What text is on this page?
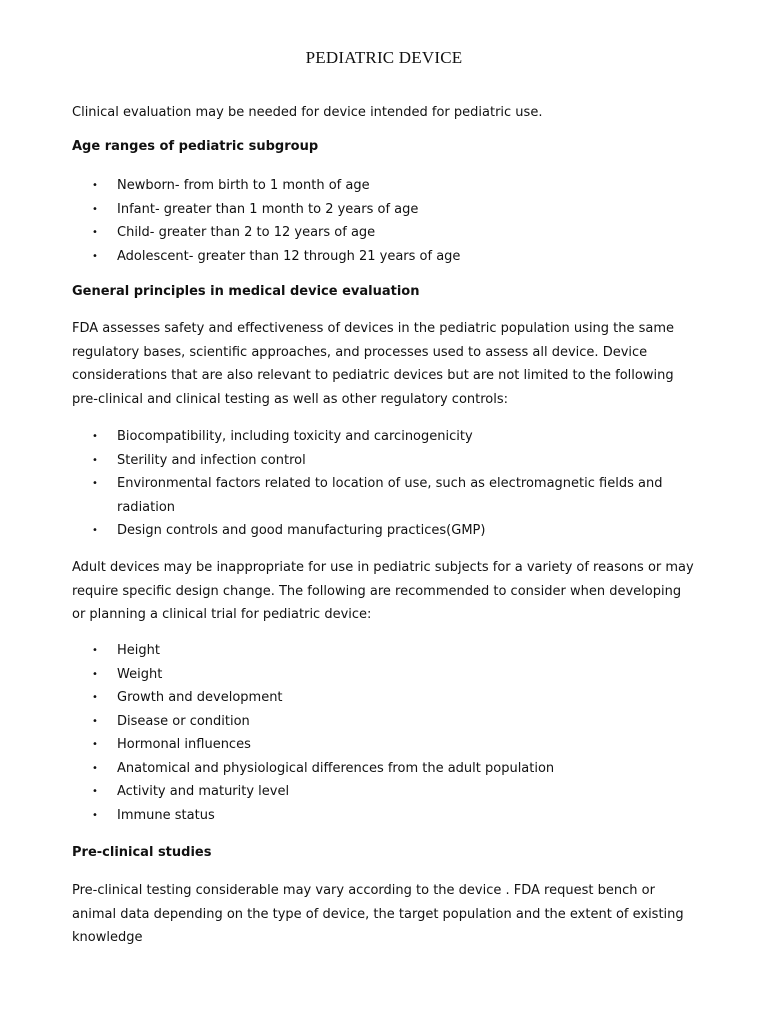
PEDIATRIC DEVICE

Clinical evaluation may be needed for device intended for pediatric use.

Age ranges of pediatric subgroup

• Newborn- from birth to 1 month of age
• Infant- greater than 1 month to 2 years of age
• Child- greater than 2 to 12 years of age
• Adolescent- greater than 12 through 21 years of age

General principles in medical device evaluation

FDA assesses safety and effectiveness of devices in the pediatric population using the same regulatory bases, scientific approaches, and processes used to assess all device. Device considerations that are also relevant to pediatric devices but are not limited to the following pre-clinical and clinical testing as well as other regulatory controls:

• Biocompatibility, including toxicity and carcinogenicity
• Sterility and infection control
• Environmental factors related to location of use, such as electromagnetic fields and radiation
• Design controls and good manufacturing practices(GMP)

Adult devices may be inappropriate for use in pediatric subjects for a variety of reasons or may require specific design change. The following are recommended to consider when developing or planning a clinical trial for pediatric device:

• Height
• Weight
• Growth and development
• Disease or condition
• Hormonal influences
• Anatomical and physiological differences from the adult population
• Activity and maturity level
• Immune status

Pre-clinical studies

Pre-clinical testing considerable may vary according to the device . FDA request bench or animal data depending on the type of device, the target population and the extent of existing knowledge
